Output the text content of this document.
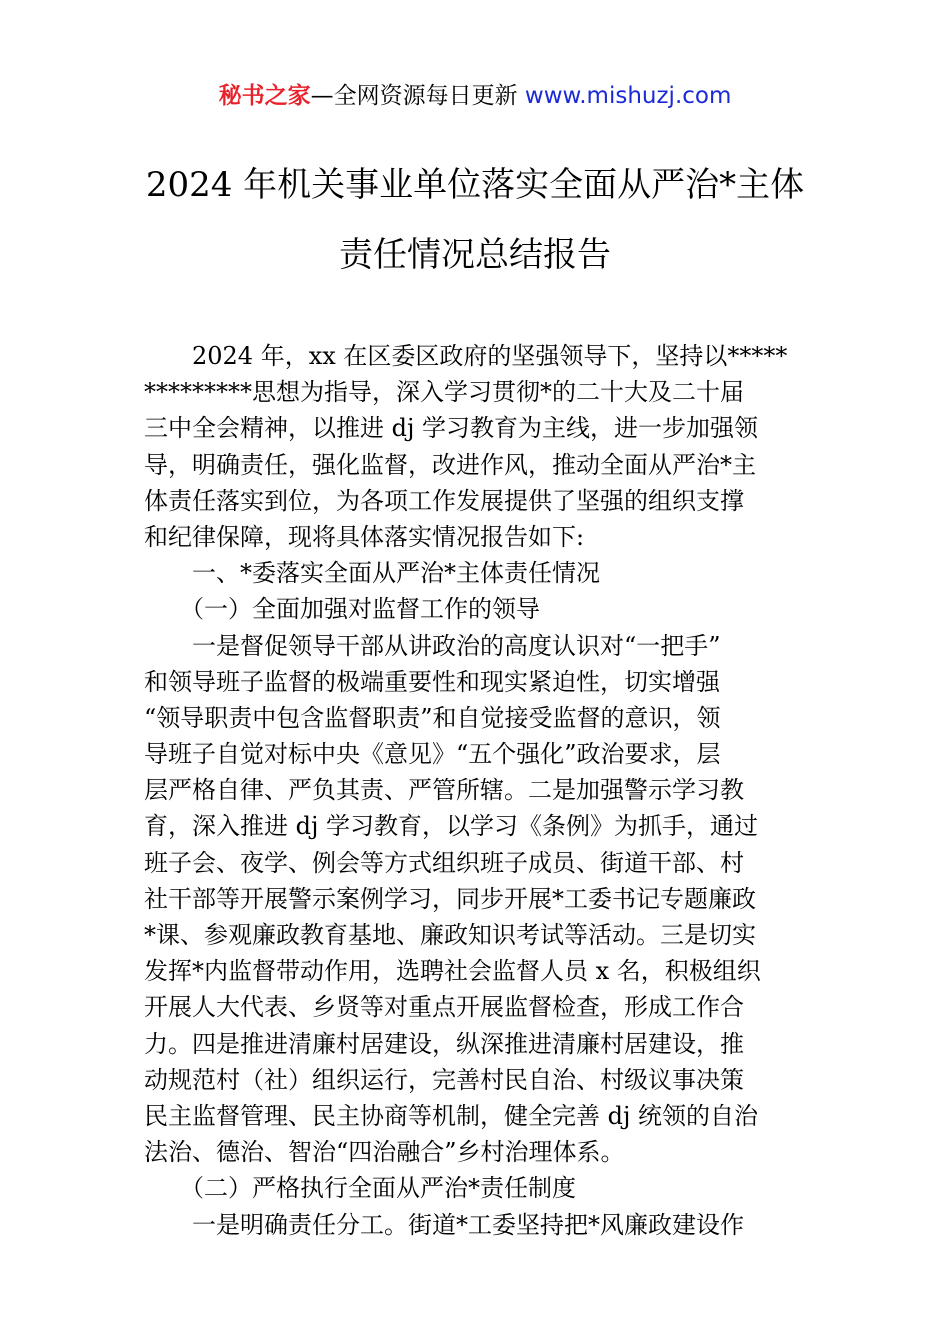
秘书之家—全网资源每日更新 www.mishuzj.com
2024 年机关事业单位落实全面从严治*主体
责任情况总结报告
　　2024 年，xx 在区委区政府的坚强领导下，坚持以*****
*********思想为指导，深入学习贯彻*的二十大及二十届
三中全会精神，以推进 dj 学习教育为主线，进一步加强领
导，明确责任，强化监督，改进作风，推动全面从严治*主
体责任落实到位，为各项工作发展提供了坚强的组织支撑
和纪律保障，现将具体落实情况报告如下:
　　一、*委落实全面从严治*主体责任情况
　　（一）全面加强对监督工作的领导
　　一是督促领导干部从讲政治的高度认识对“一把手”
和领导班子监督的极端重要性和现实紧迫性，切实增强
“领导职责中包含监督职责”和自觉接受监督的意识，领
导班子自觉对标中央《意见》“五个强化”政治要求，层
层严格自律、严负其责、严管所辖。二是加强警示学习教
育，深入推进 dj 学习教育，以学习《条例》为抓手，通过
班子会、夜学、例会等方式组织班子成员、街道干部、村
社干部等开展警示案例学习，同步开展*工委书记专题廉政
*课、参观廉政教育基地、廉政知识考试等活动。三是切实
发挥*内监督带动作用，选聘社会监督人员 x 名，积极组织
开展人大代表、乡贤等对重点开展监督检查，形成工作合
力。四是推进清廉村居建设，纵深推进清廉村居建设，推
动规范村（社）组织运行，完善村民自治、村级议事决策
民主监督管理、民主协商等机制，健全完善 dj 统领的自治
法治、德治、智治“四治融合”乡村治理体系。
　　（二）严格执行全面从严治*责任制度
　　一是明确责任分工。街道*工委坚持把*风廉政建设作
